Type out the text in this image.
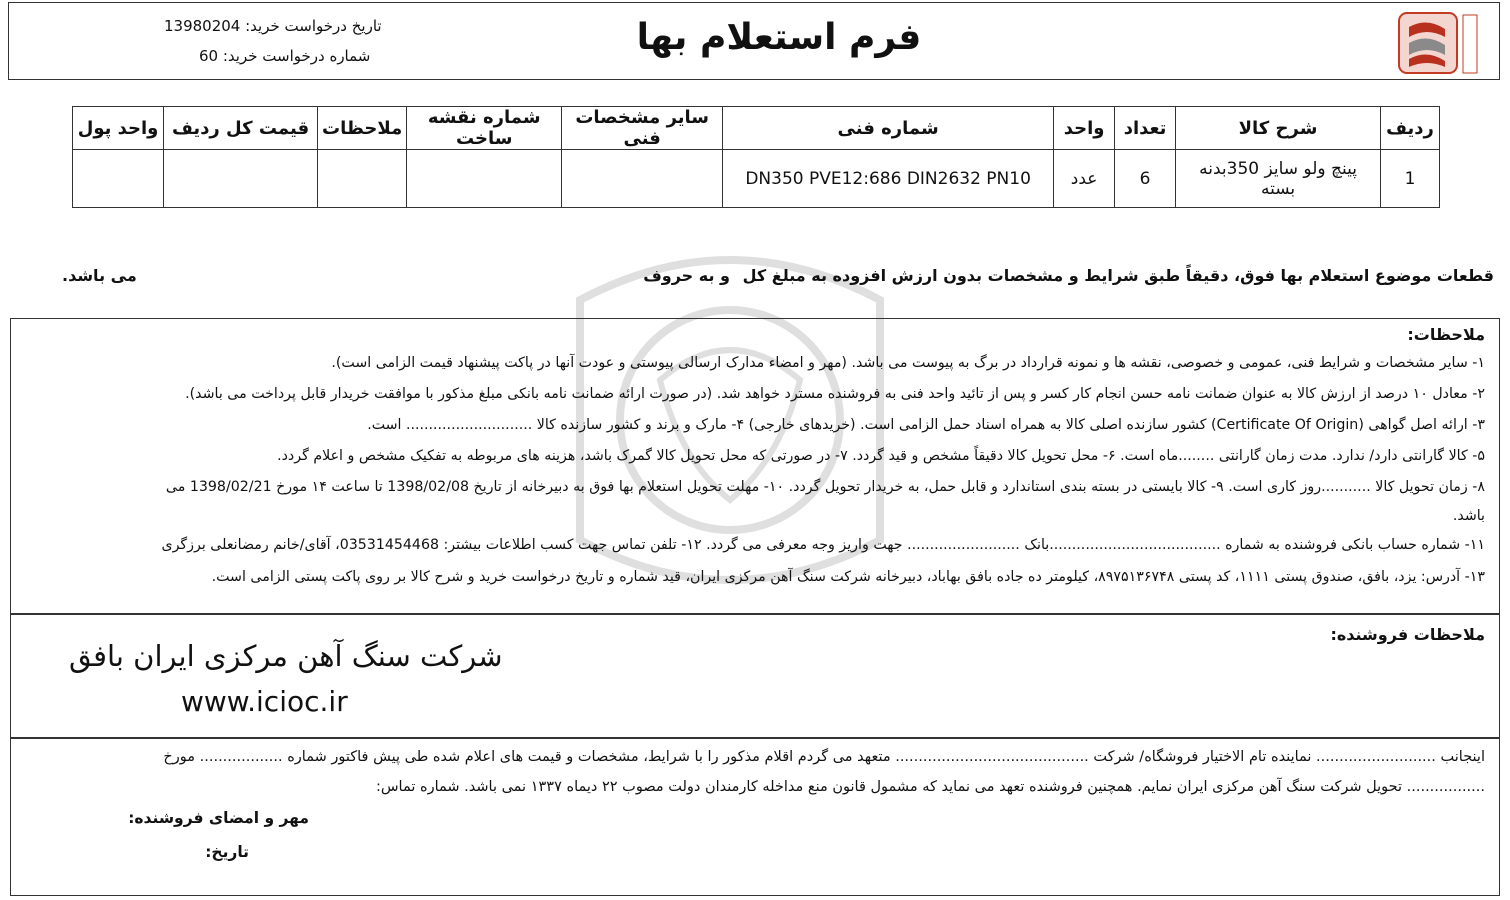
فرم استعلام بها
تاریخ درخواست خرید: 13980204
شماره درخواست خرید: 60
ردیف	شرح کالا	تعداد	واحد	شماره فنی	سایر مشخصات فنی	شماره نقشه ساخت	ملاحظات	قیمت کل ردیف	واحد پول
1	پینچ ولو سایز 350بدنه بسته	6	عدد	DN350 PVE12:686 DIN2632 PN10					
قطعات موضوع استعلام بها فوق، دقیقاً طبق شرایط و مشخصات بدون ارزش افزوده به مبلغ کل
و به حروف
می باشد.
ملاحظات:
۱- سایر مشخصات و شرایط فنی، عمومی و خصوصی، نقشه ها و نمونه قرارداد در برگ به پیوست می باشد. (مهر و امضاء مدارک ارسالی پیوستی و عودت آنها در پاکت پیشنهاد قیمت الزامی است).
۲- معادل ۱۰ درصد از ارزش کالا به عنوان ضمانت نامه حسن انجام کار کسر و پس از تائید واحد فنی به فروشنده مسترد خواهد شد. (در صورت ارائه ضمانت نامه بانکی مبلغ مذکور با موافقت خریدار قابل پرداخت می باشد).
۳- ارائه اصل گواهی (Certificate Of Origin) کشور سازنده اصلی کالا به همراه اسناد حمل الزامی است. (خریدهای خارجی) ۴- مارک و برند و کشور سازنده کالا ............................ است.
۵- کالا گارانتی دارد/ ندارد. مدت زمان گارانتی ........ماه است. ۶- محل تحویل کالا دقیقاً مشخص و قید گردد. ۷- در صورتی که محل تحویل کالا گمرک باشد، هزینه های مربوطه به تفکیک مشخص و اعلام گردد.
۸- زمان تحویل کالا ...........روز کاری است. ۹- کالا بایستی در بسته بندی استاندارد و قابل حمل، به خریدار تحویل گردد. ۱۰- مهلت تحویل استعلام بها فوق به دبیرخانه از تاریخ 1398/02/08 تا ساعت ۱۴ مورخ 1398/02/21 می
باشد.
۱۱- شماره حساب بانکی فروشنده به شماره ......................................بانک ......................... جهت واریز وجه معرفی می گردد. ۱۲- تلفن تماس جهت کسب اطلاعات بیشتر: 03531454468، آقای/خانم رمضانعلی برزگری
۱۳- آدرس: یزد، بافق، صندوق پستی ۱۱۱۱، کد پستی ۸۹۷۵۱۳۶۷۴۸، کیلومتر ده جاده بافق بهاباد، دبیرخانه شرکت سنگ آهن مرکزی ایران، قید شماره و تاریخ درخواست خرید و شرح کالا بر روی پاکت پستی الزامی است.
ملاحظات فروشنده:
شرکت سنگ آهن مرکزی ایران بافق
www.icioc.ir
اینجانب .......................... نماینده تام الاختیار فروشگاه/ شرکت .......................................... متعهد می گردم اقلام مذکور را با شرایط، مشخصات و قیمت های اعلام شده طی پیش فاکتور شماره .................. مورخ
................. تحویل شرکت سنگ آهن مرکزی ایران نمایم. همچنین فروشنده تعهد می نماید که مشمول قانون منع مداخله کارمندان دولت مصوب ۲۲ دیماه ۱۳۳۷ نمی باشد. شماره تماس:
مهر و امضای فروشنده:
تاریخ:
